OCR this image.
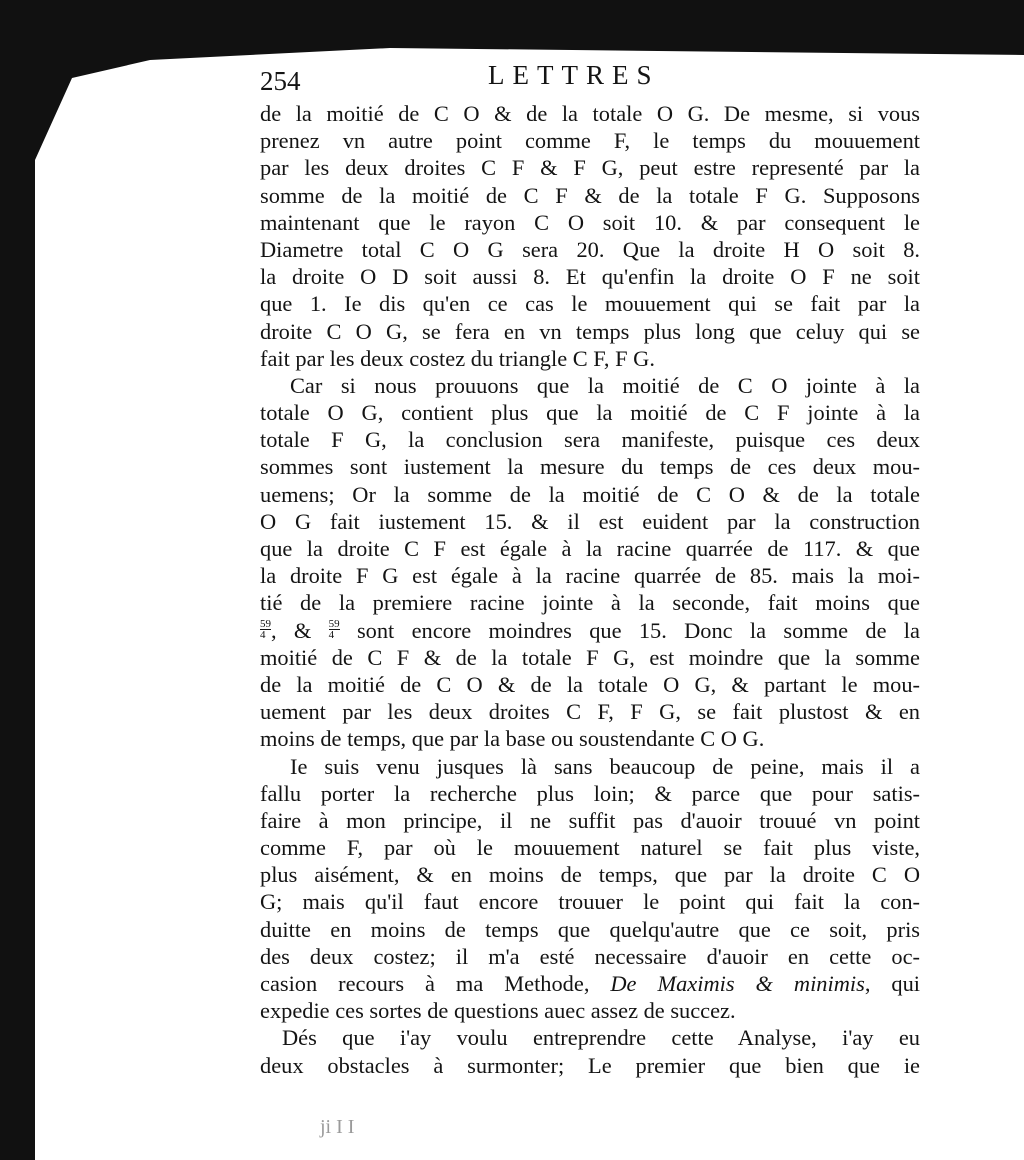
254	LETTRES
de la moitié de C O & de la totale O G. De mesme, si vous
prenez vn autre point comme F, le temps du mouuement
par les deux droites C F & F G, peut estre representé par la
somme de la moitié de C F & de la totale F G. Supposons
maintenant que le rayon C O soit 10. & par consequent le
Diametre total C O G sera 20. Que la droite H O soit 8.
la droite O D soit aussi 8. Et qu'enfin la droite O F ne soit
que 1. Ie dis qu'en ce cas le mouuement qui se fait par la
droite C O G, se fera en vn temps plus long que celuy qui se
fait par les deux costez du triangle C F, F G.
Car si nous prouuons que la moitié de C O jointe à la
totale O G, contient plus que la moitié de C F jointe à la
totale F G, la conclusion sera manifeste, puisque ces deux
sommes sont iustement la mesure du temps de ces deux mou-
uemens; Or la somme de la moitié de C O & de la totale
O G fait iustement 15. & il est euident par la construction
que la droite C F est égale à la racine quarrée de 117. & que
la droite F G est égale à la racine quarrée de 85. mais la moi-
tié de la premiere racine jointe à la seconde, fait moins que
$\frac{59}{4}$ , & $\frac{59}{4}$ sont encore moindres que 15. Donc la somme de la
moitié de C F & de la totale F G, est moindre que la somme
de la moitié de C O & de la totale O G, & partant le mou-
uement par les deux droites C F, F G, se fait plustost & en
moins de temps, que par la base ou soustendante C O G.
Ie suis venu jusques là sans beaucoup de peine, mais il a
fallu porter la recherche plus loin; & parce que pour satis-
faire à mon principe, il ne suffit pas d'auoir trouué vn point
comme F, par où le mouuement naturel se fait plus viste,
plus aisément, & en moins de temps, que par la droite C O
G; mais qu'il faut encore trouuer le point qui fait la con-
duitte en moins de temps que quelqu'autre que ce soit, pris
des deux costez; il m'a esté necessaire d'auoir en cette oc-
casion recours à ma Methode, De Maximis & minimis, qui
expedie ces sortes de questions auec assez de succez.
Dés que i'ay voulu entreprendre cette Analyse, i'ay eu
deux obstacles à surmonter; Le premier que bien que ie
ji I I
